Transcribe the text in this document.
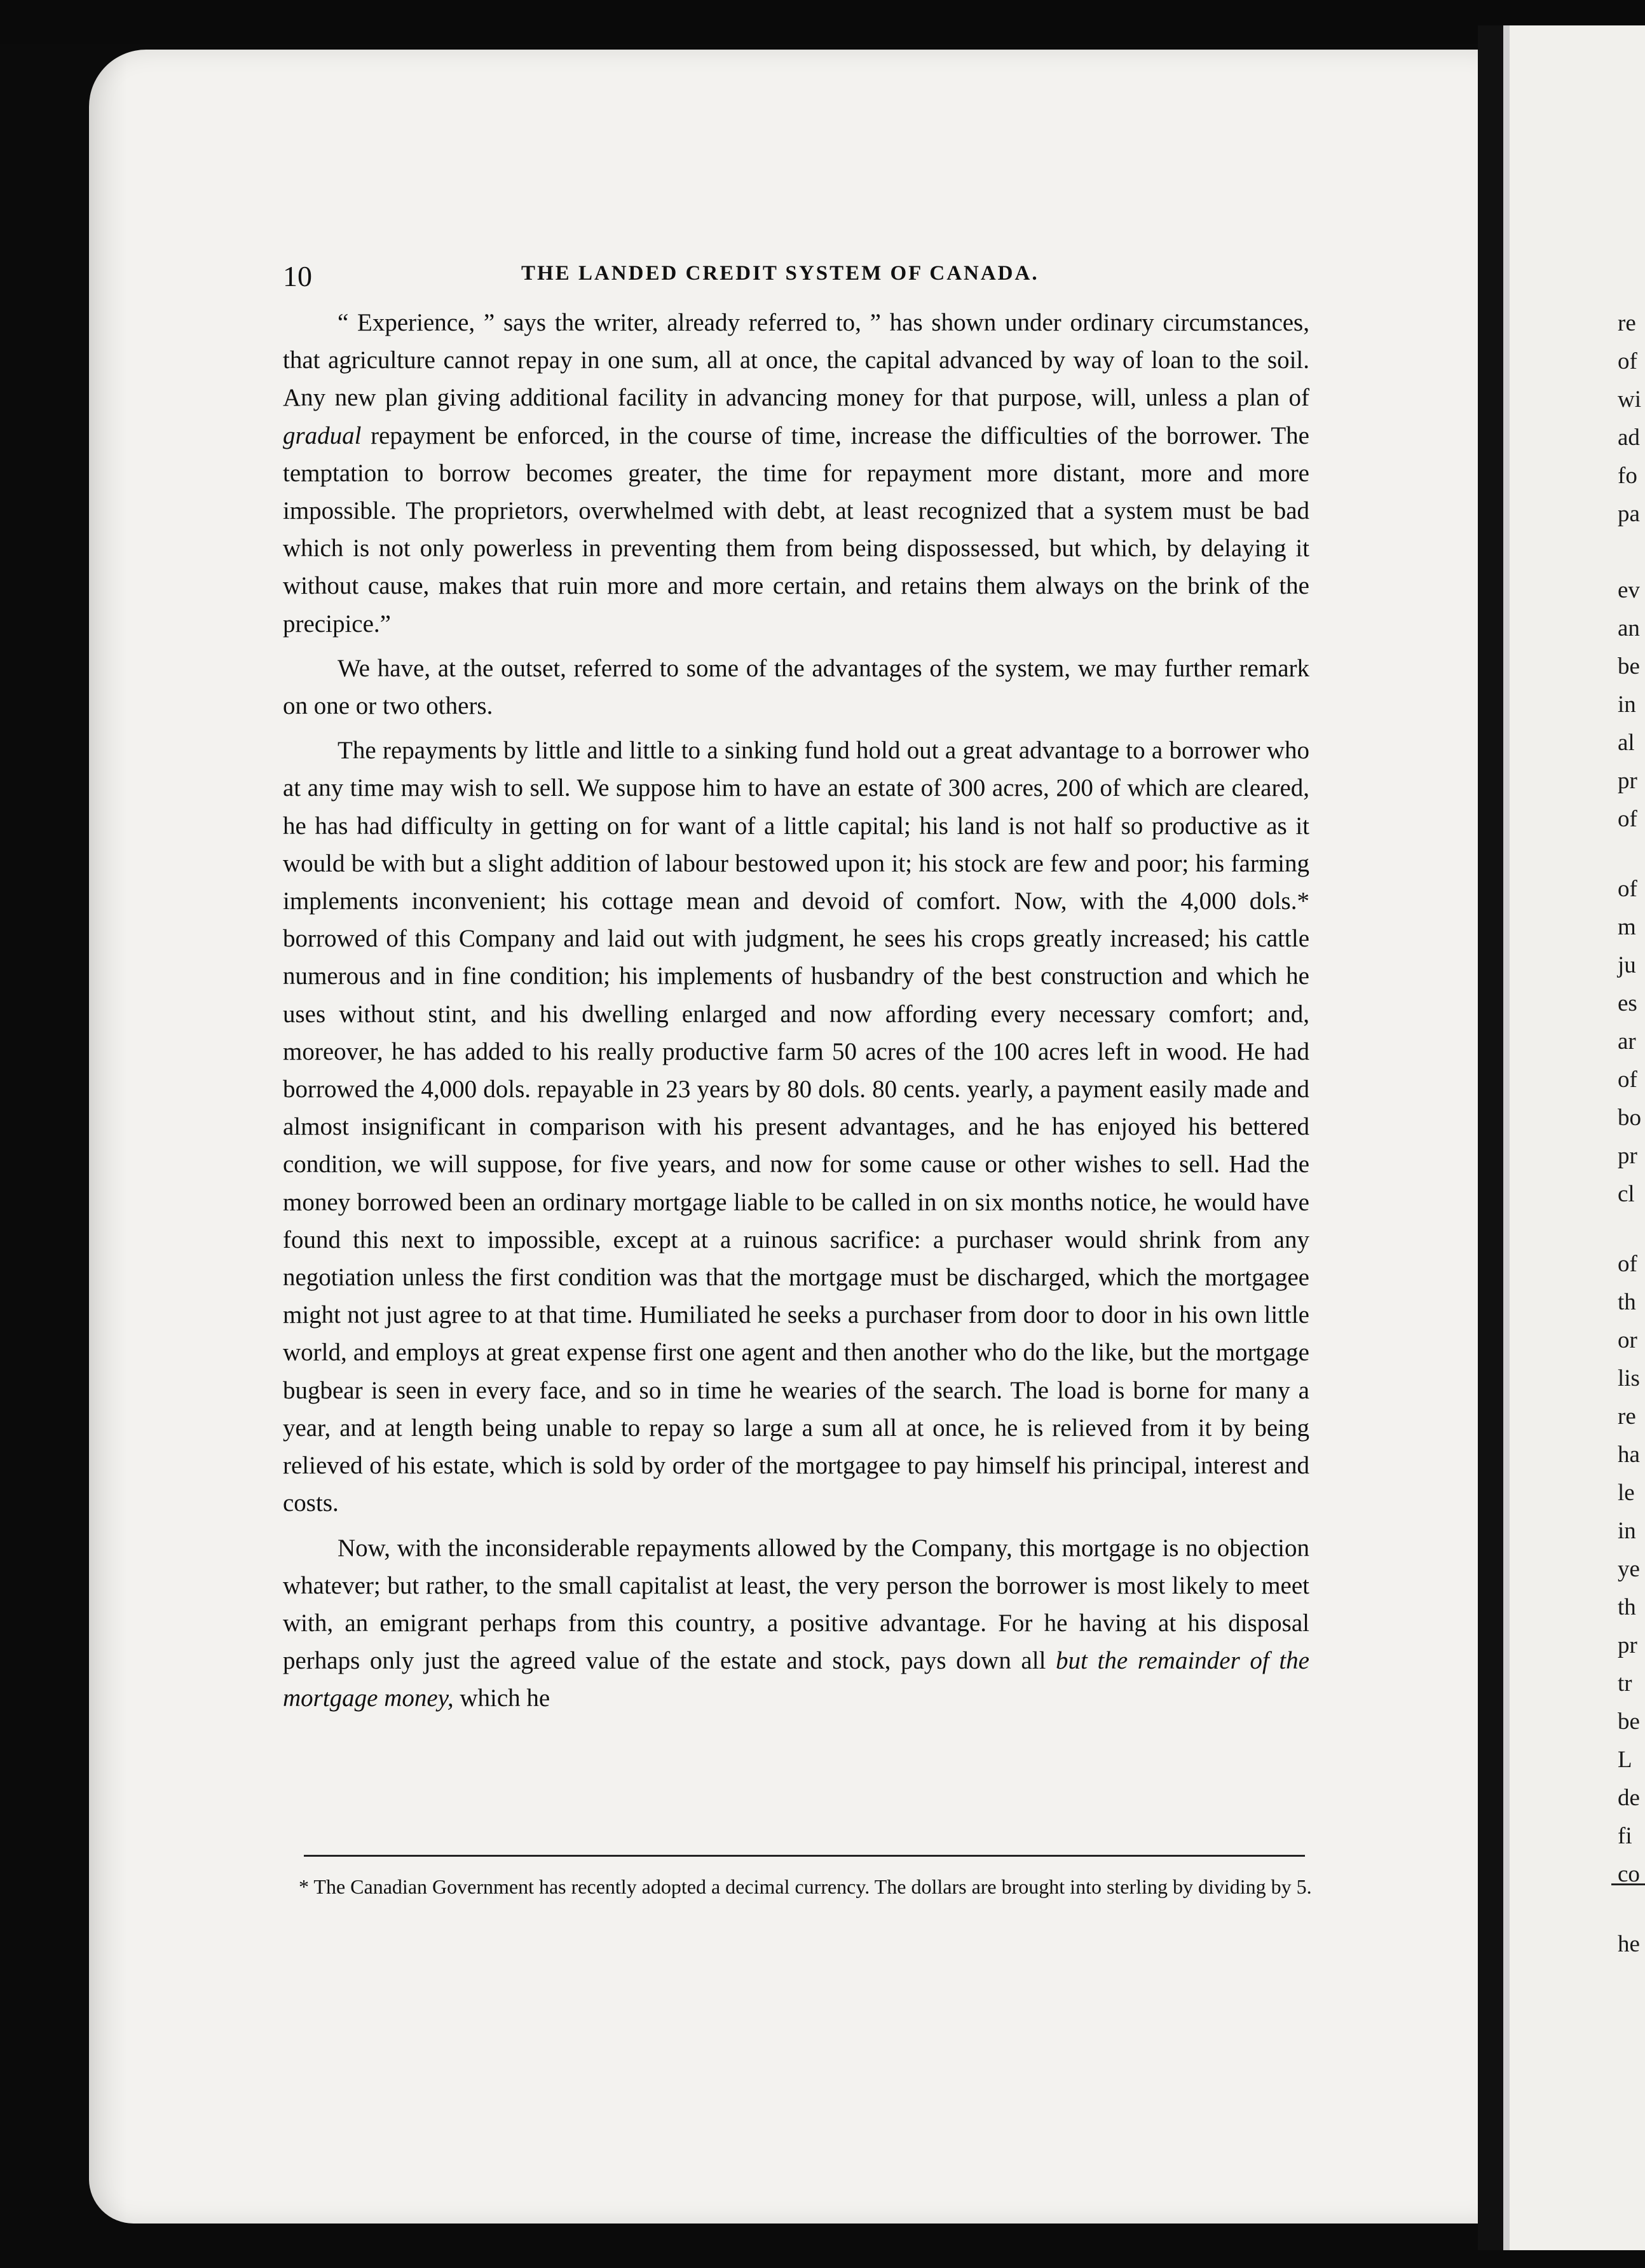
10	THE LANDED CREDIT SYSTEM OF CANADA.

“ Experience, ” says the writer, already referred to, ” has shown under ordinary circumstances, that agriculture cannot repay in one sum, all at once, the capital advanced by way of loan to the soil. Any new plan giving additional facility in advancing money for that purpose, will, unless a plan of gradual repayment be enforced, in the course of time, increase the difficulties of the borrower. The temptation to borrow becomes greater, the time for repayment more distant, more and more impossible. The proprietors, overwhelmed with debt, at least recognized that a system must be bad which is not only powerless in preventing them from being dispossessed, but which, by delaying it without cause, makes that ruin more and more certain, and retains them always on the brink of the precipice.”

We have, at the outset, referred to some of the advantages of the system, we may further remark on one or two others.

The repayments by little and little to a sinking fund hold out a great advantage to a borrower who at any time may wish to sell. We suppose him to have an estate of 300 acres, 200 of which are cleared, he has had difficulty in getting on for want of a little capital; his land is not half so productive as it would be with but a slight addition of labour bestowed upon it; his stock are few and poor; his farming implements inconvenient; his cottage mean and devoid of comfort. Now, with the 4,000 dols.* borrowed of this Company and laid out with judgment, he sees his crops greatly increased; his cattle numerous and in fine condition; his implements of husbandry of the best construction and which he uses without stint, and his dwelling enlarged and now affording every necessary comfort; and, moreover, he has added to his really productive farm 50 acres of the 100 acres left in wood. He had borrowed the 4,000 dols. repayable in 23 years by 80 dols. 80 cents. yearly, a payment easily made and almost insignificant in comparison with his present advantages, and he has enjoyed his bettered condition, we will suppose, for five years, and now for some cause or other wishes to sell. Had the money borrowed been an ordinary mortgage liable to be called in on six months notice, he would have found this next to impossible, except at a ruinous sacrifice: a purchaser would shrink from any negotiation unless the first condition was that the mortgage must be discharged, which the mortgagee might not just agree to at that time. Humiliated he seeks a purchaser from door to door in his own little world, and employs at great expense first one agent and then another who do the like, but the mortgage bugbear is seen in every face, and so in time he wearies of the search. The load is borne for many a year, and at length being unable to repay so large a sum all at once, he is relieved from it by being relieved of his estate, which is sold by order of the mortgagee to pay himself his principal, interest and costs.

Now, with the inconsiderable repayments allowed by the Company, this mortgage is no objection whatever; but rather, to the small capitalist at least, the very person the borrower is most likely to meet with, an emigrant perhaps from this country, a positive advantage. For he having at his disposal perhaps only just the agreed value of the estate and stock, pays down all but the remainder of the mortgage money, which he

* The Canadian Government has recently adopted a decimal currency. The dollars are brought into sterling by dividing by 5.
re
of
wi
ad
fo
pa
ev
an
be
in
al
pr
of
of
m
ju
es
ar
of
bo
pr
cl
of
th
or
lis
re
ha
le
in
ye
th
pr
tr
be
L
de
fi
co
he
